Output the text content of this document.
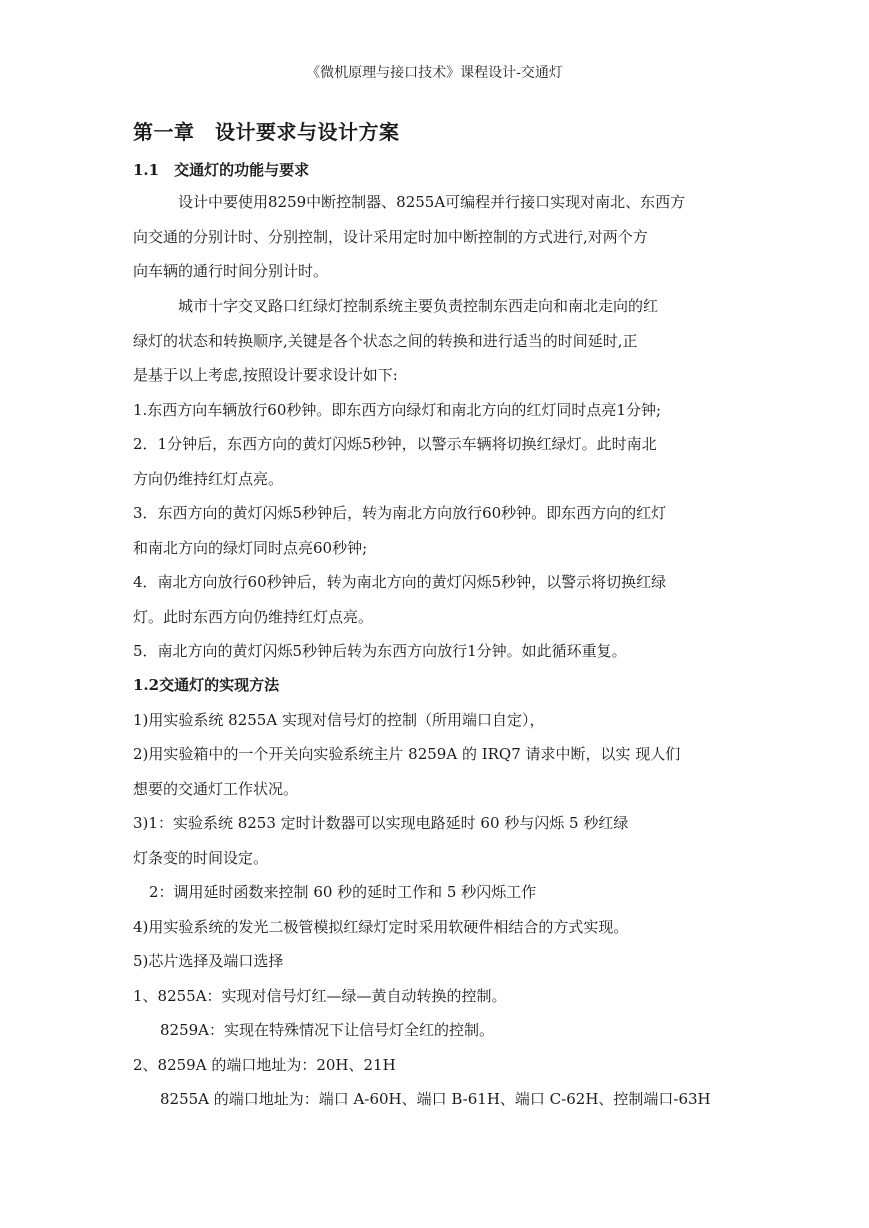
《微机原理与接口技术》课程设计-交通灯
第一章　设计要求与设计方案
1.1　交通灯的功能与要求
设计中要使用8259中断控制器、8255A可编程并行接口实现对南北、东西方
向交通的分别计时、分别控制，设计采用定时加中断控制的方式进行,对两个方
向车辆的通行时间分别计时。
城市十字交叉路口红绿灯控制系统主要负责控制东西走向和南北走向的红
绿灯的状态和转换顺序,关键是各个状态之间的转换和进行适当的时间延时,正
是基于以上考虑,按照设计要求设计如下:
1.东西方向车辆放行60秒钟。即东西方向绿灯和南北方向的红灯同时点亮1分钟;
2．1分钟后，东西方向的黄灯闪烁5秒钟，以警示车辆将切换红绿灯。此时南北
方向仍维持红灯点亮。
3．东西方向的黄灯闪烁5秒钟后，转为南北方向放行60秒钟。即东西方向的红灯
和南北方向的绿灯同时点亮60秒钟;
4．南北方向放行60秒钟后，转为南北方向的黄灯闪烁5秒钟，以警示将切换红绿
灯。此时东西方向仍维持红灯点亮。
5．南北方向的黄灯闪烁5秒钟后转为东西方向放行1分钟。如此循环重复。
1.2交通灯的实现方法
1)用实验系统 8255A 实现对信号灯的控制（所用端口自定），
2)用实验箱中的一个开关向实验系统主片 8259A 的 IRQ7 请求中断，以实 现人们
想要的交通灯工作状况。
3)1：实验系统 8253 定时计数器可以实现电路延时 60 秒与闪烁 5 秒红绿
灯条变的时间设定。
2：调用延时函数来控制 60 秒的延时工作和 5 秒闪烁工作
4)用实验系统的发光二极管模拟红绿灯定时采用软硬件相结合的方式实现。
5)芯片选择及端口选择
1、8255A：实现对信号灯红—绿—黄自动转换的控制。
8259A：实现在特殊情况下让信号灯全红的控制。
2、8259A 的端口地址为：20H、21H
8255A 的端口地址为：端口 A-60H、端口 B-61H、端口 C-62H、控制端口-63H
